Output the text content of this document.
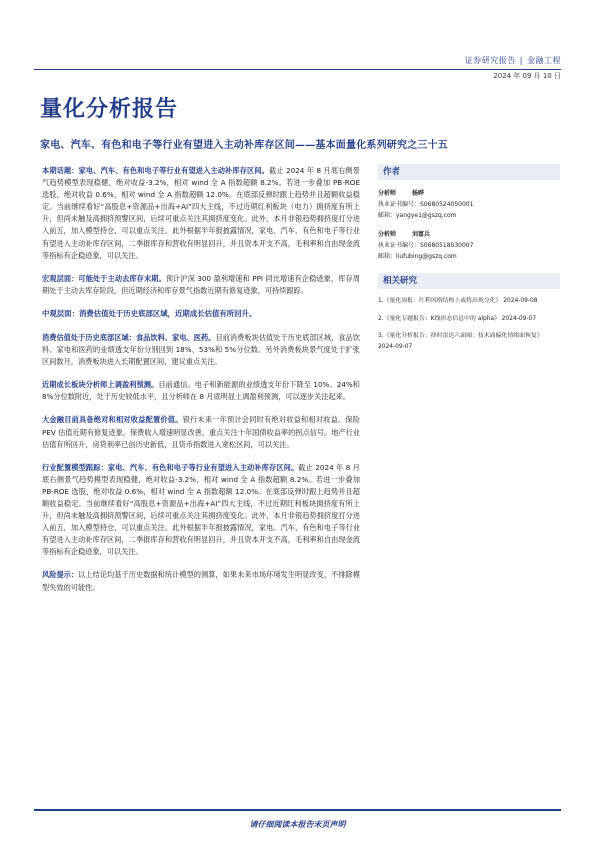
证券研究报告 | 金融工程
2024 年 09 月 10 日
量化分析报告
家电、汽车、有色和电子等行业有望进入主动补库存区间——基本面量化系列研究之三十五

本期话题：家电、汽车、有色和电子等行业有望进入主动补库存区间。截止 2024 年 8 月底右侧景气趋势模型表现稳健，绝对收益-3.2%，相对 wind 全 A 指数超额 8.2%。若进一步叠加 PB-ROE 选股，绝对收益 0.6%，相对 wind 全 A 指数超额 12.0%。在底部反弹时跟上趋势并且超额收益稳定。当前继续看好“高股息+资源品+出海+AI”四大主线，不过近期红利板块（电力）拥挤度有所上升，但尚未触及高拥挤预警区间，后续可重点关注其拥挤度变化。此外，本月非银趋势拥挤度打分进入前五，加入模型持仓，可以重点关注。此外根据半年报披露情况，家电、汽车、有色和电子等行业有望进入主动补库存区间，二季报库存和营收有明显回升，并且资本开支不高，毛利率和自由现金流等指标有企稳迹象，可以关注。

宏观层面：可能处于主动去库存末期。预计沪深 300 盈利增速和 PPI 同比增速有企稳迹象，库存周期处于主动去库存阶段，但近期经济和库存景气指数近期有修复迹象，可持续跟踪。

中观层面：消费估值处于历史底部区域，近期成长估值有所回升。

消费估值处于历史底部区域：食品饮料、家电、医药。目前消费板块估值处于历史底部区域，食品饮料、家电和医药的业绩透支年份分别回到 18%、53%和 5%分位数。另外消费板块景气度处于扩张区间数月，消费板块进入长期配置区间，建议重点关注。

近期成长板块分析师上调盈利预测。目前通信、电子和新能源的业绩透支年份下降至 10%、24%和 8%分位数附近，处于历史较低水平，且分析师在 8 月底明显上调盈利预测，可以逐步关注起来。

大金融目前具备绝对和相对收益配置价值。银行未来一年预计会同时有绝对收益和相对收益。保险 PEV 估值近期有修复迹象，保费收入增速明显改善，重点关注十年国债收益率的拐点信号。地产行业估值有所回升，房贷利率已创历史新低，且货币指数进入宽松区间，可以关注。

行业配置模型跟踪：家电、汽车、有色和电子等行业有望进入主动补库存区间。截止 2024 年 8 月底右侧景气趋势模型表现稳健，绝对收益-3.2%，相对 wind 全 A 指数超额 8.2%。若进一步叠加 PB-ROE 选股，绝对收益 0.6%，相对 wind 全 A 指数超额 12.0%。在底部反弹时跟上趋势并且超额收益稳定。当前继续看好“高股息+资源品+出海+AI”四大主线，不过近期红利板块拥挤度有所上升，但尚未触及高拥挤预警区间，后续可重点关注其拥挤度变化。此外，本月非银趋势拥挤度打分进入前五，加入模型持仓，可以重点关注。此外根据半年报披露情况，家电、汽车、有色和电子等行业有望进入主动补库存区间，二季报库存和营收有明显回升，并且资本开支不高，毛利率和自由现金流等指标有企稳迹象，可以关注。

风险提示：以上结论均基于历史数据和统计模型的测算，如果未来市场环境发生明显改变，不排除模型失效的可能性。

作者
分析师	杨晔
执业证书编号：S0680524050001
邮箱：yangye1@gszq.com
分析师	刘富兵
执业证书编号：S0680518030007
邮箱：liufubing@gszq.com
相关研究
1.《量化周报：红利风格结构上或将出现分化》 2024-09-08
2.《量化专题报告：K线形态信息中的 alpha》 2024-09-07
3.《量化分析报告：择时雷达六面图：技术面偏化情绪面恢复》 2024-09-07
请仔细阅读本报告末页声明
